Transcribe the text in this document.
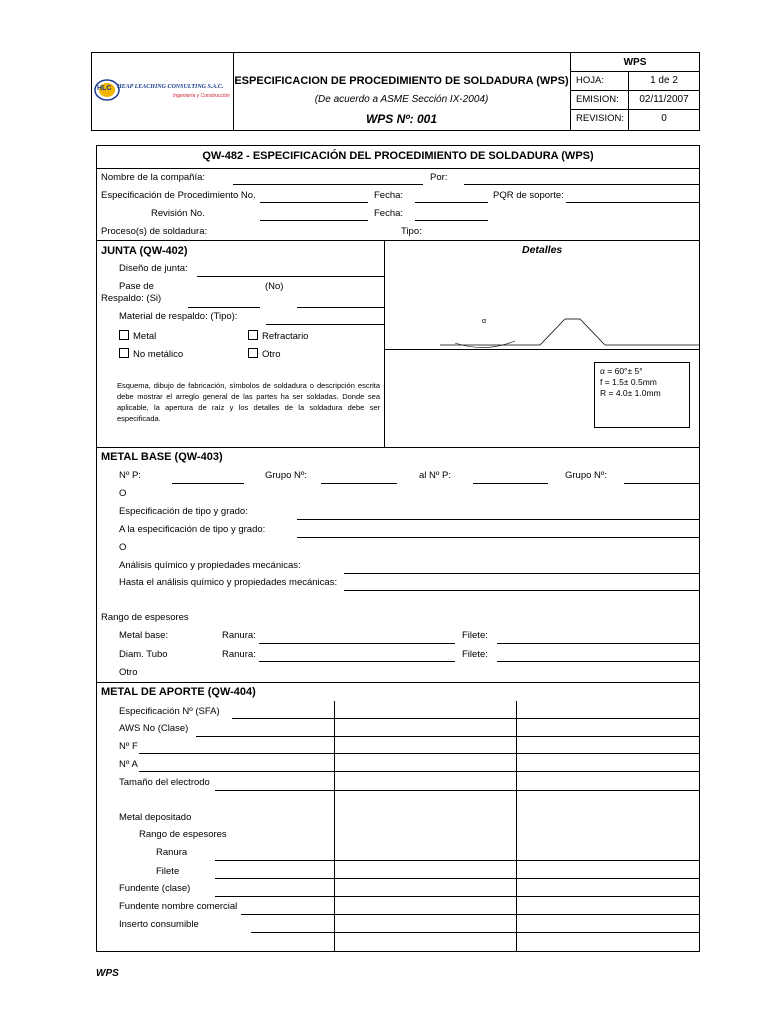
HLC HEAP LEACHING CONSULTING S.A.C.
Ingeniería y Construcción
ESPECIFICACION DE PROCEDIMIENTO DE SOLDADURA (WPS)
(De acuerdo a ASME Sección IX-2004)
WPS Nº: 001
WPS
HOJA:	1 de 2
EMISION:	02/11/2007
REVISION:	0
QW-482 - ESPECIFICACIÓN DEL PROCEDIMIENTO DE SOLDADURA (WPS)
Nombre de la compañía:	Por:
Especificación de Procedimiento No.	Fecha:	PQR de soporte:
Revisión No.	Fecha:
Proceso(s) de soldadura:	Tipo:
JUNTA (QW-402)	Detalles
Diseño de junta:
Pase de	(No)
Respaldo: (Si)
Material de respaldo: (Tipo):
Metal	Refractario
No metálico	Otro
Esquema, dibujo de fabricación, símbolos de soldadura o descripción escrita debe mostrar el arreglo general de las partes ha ser soldadas. Donde sea aplicable, la apertura de raíz y los detalles de la soldadura debe ser especificada.
α
α = 60°± 5°
f = 1.5± 0.5mm
R = 4.0± 1.0mm
METAL BASE (QW-403)
Nº P:	Grupo Nº:	al Nº P:	Grupo Nº:
O
Especificación de tipo y grado:
A la especificación de tipo y grado:
O
Análisis químico y propiedades mecánicas:
Hasta el análisis químico y propiedades mecánicas:
Rango de espesores
Metal base:	Ranura:	Filete:
Diam. Tubo	Ranura:	Filete:
Otro
METAL DE APORTE (QW-404)
Especificación Nº (SFA)
AWS No (Clase)
Nº F
Nº A
Tamaño del electrodo
Metal depositado
Rango de espesores
Ranura
Filete
Fundente (clase)
Fundente nombre comercial
Inserto consumible
WPS
